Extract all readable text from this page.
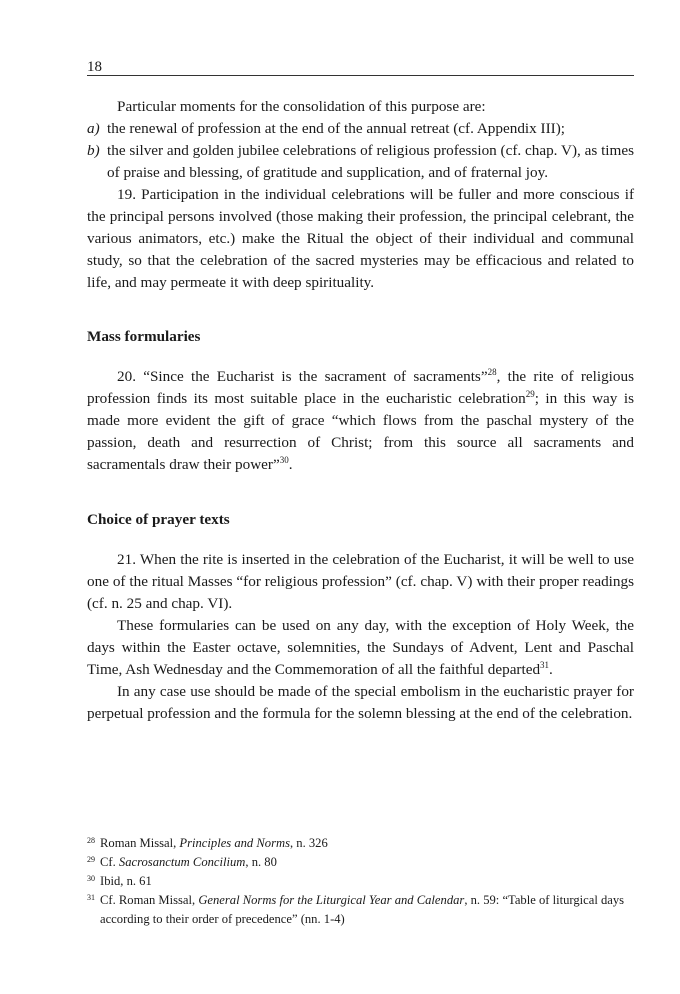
18

Particular moments for the consolidation of this purpose are:

a) the renewal of profession at the end of the annual retreat (cf. Appendix III);
b) the silver and golden jubilee celebrations of religious profession (cf. chap. V), as times of praise and blessing, of gratitude and supplication, and of fraternal joy.

19. Participation in the individual celebrations will be fuller and more conscious if the principal persons involved (those making their profession, the principal celebrant, the various animators, etc.) make the Ritual the object of their individual and communal study, so that the celebration of the sacred mysteries may be efficacious and related to life, and may permeate it with deep spirituality.

Mass formularies

20. “Since the Eucharist is the sacrament of sacraments”$^{28}$, the rite of religious profession finds its most suitable place in the eucharistic celebration$^{29}$; in this way is made more evident the gift of grace “which flows from the paschal mystery of the passion, death and resurrection of Christ; from this source all sacraments and sacramentals draw their power”$^{30}$.

Choice of prayer texts

21. When the rite is inserted in the celebration of the Eucharist, it will be well to use one of the ritual Masses “for religious profession” (cf. chap. V) with their proper readings (cf. n. 25 and chap. VI).

These formularies can be used on any day, with the exception of Holy Week, the days within the Easter octave, solemnities, the Sundays of Advent, Lent and Paschal Time, Ash Wednesday and the Commemoration of all the faithful departed$^{31}$.

In any case use should be made of the special embolism in the eucharistic prayer for perpetual profession and the formula for the solemn blessing at the end of the celebration.

28 Roman Missal, Principles and Norms, n. 326
29 Cf. Sacrosanctum Concilium, n. 80
30 Ibid, n. 61
31 Cf. Roman Missal, General Norms for the Liturgical Year and Calendar, n. 59: “Table of liturgical days according to their order of precedence” (nn. 1-4)
